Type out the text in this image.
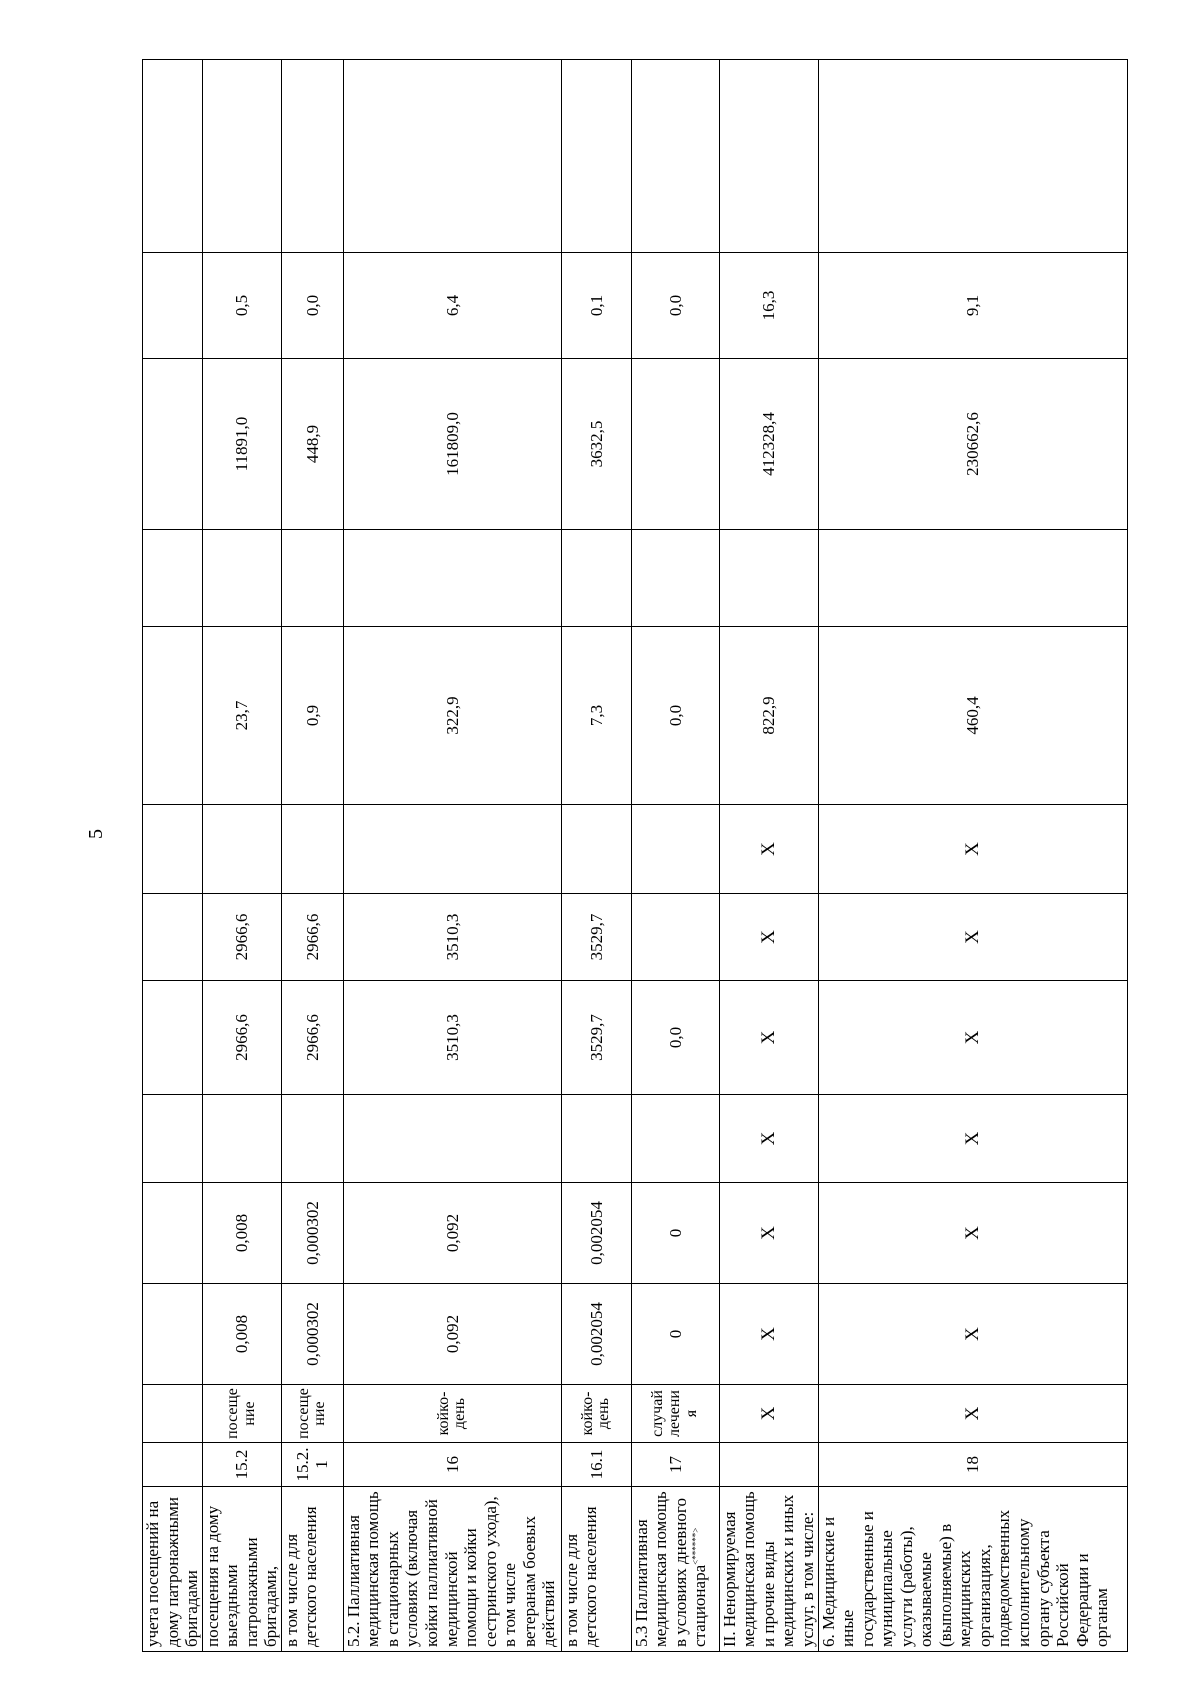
5
учета посещений на дому патронажными бригадами													
посещения на дому выездными патронажными бригадами,	15.2	посещение	0,008	0,008		2966,6	2966,6		23,7		11891,0	0,5	
в том числе для детского населения	15.2.1	посещение	0,000302	0,000302		2966,6	2966,6		0,9		448,9	0,0	
5.2. Паллиативная медицинская помощь в стационарных условиях (включая койки паллиативной медицинской помощи и койки сестринского ухода), в том числе ветеранам боевых действий	16	койко-день	0,092	0,092		3510,3	3510,3		322,9		161809,0	6,4	
в том числе для детского населения	16.1	койко-день	0,002054	0,002054		3529,7	3529,7		7,3		3632,5	0,1	
5.3 Паллиативная медицинская помощь в условиях дневного стационара<******>	17	случай лечения	0	0		0,0			0,0			0,0	
II. Ненормируемая медицинская помощь и прочие виды медицинских и иных услуг, в том числе:		Х	Х	Х	Х	Х	Х	Х	822,9		412328,4	16,3	
6. Медицинские и иные государственные и муниципальные услуги (работы), оказываемые (выполняемые) в медицинских организациях, подведомственных исполнительному органу субъекта Российской Федерации и органам	18	Х	Х	Х	Х	Х	Х	Х	460,4		230662,6	9,1	
